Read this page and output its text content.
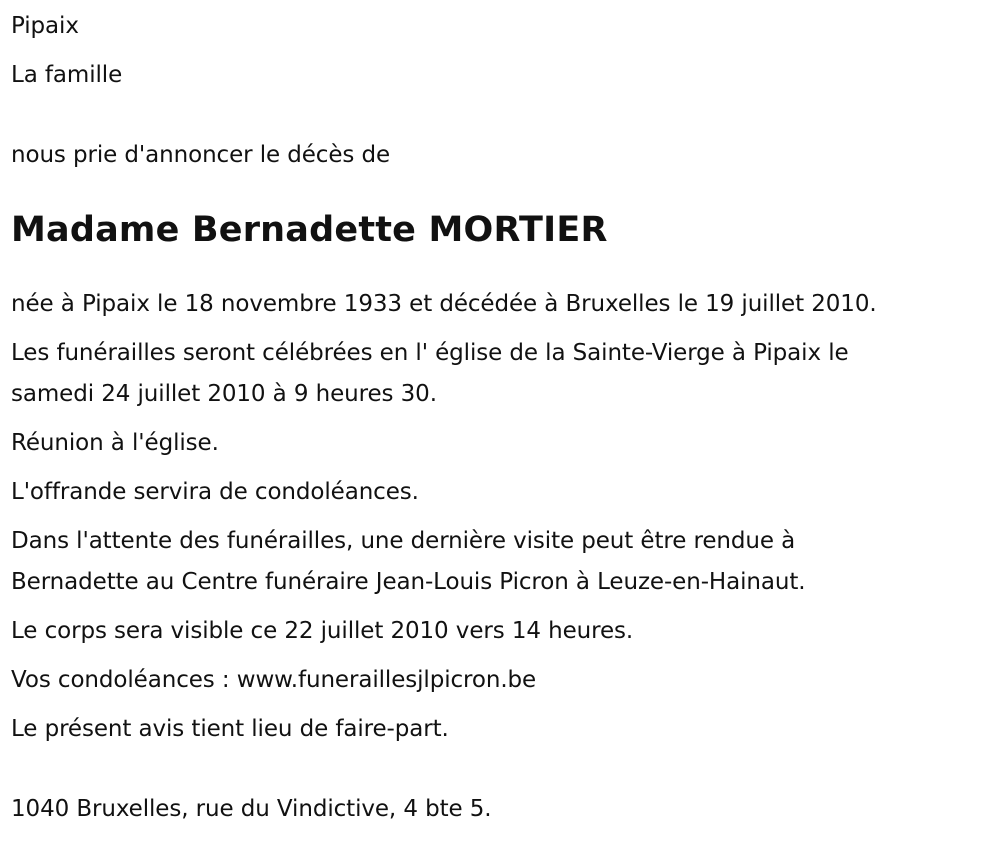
Pipaix

La famille

nous prie d'annoncer le décès de

Madame Bernadette MORTIER

née à Pipaix le 18 novembre 1933 et décédée à Bruxelles le 19 juillet 2010.

Les funérailles seront célébrées en l' église de la Sainte-Vierge à Pipaix le

samedi 24 juillet 2010 à 9 heures 30.

Réunion à l'église.

L'offrande servira de condoléances.

Dans l'attente des funérailles, une dernière visite peut être rendue à

Bernadette au Centre funéraire Jean-Louis Picron à Leuze-en-Hainaut.

Le corps sera visible ce 22 juillet 2010 vers 14 heures.

Vos condoléances : www.funeraillesjlpicron.be

Le présent avis tient lieu de faire-part.

1040 Bruxelles, rue du Vindictive, 4 bte 5.
